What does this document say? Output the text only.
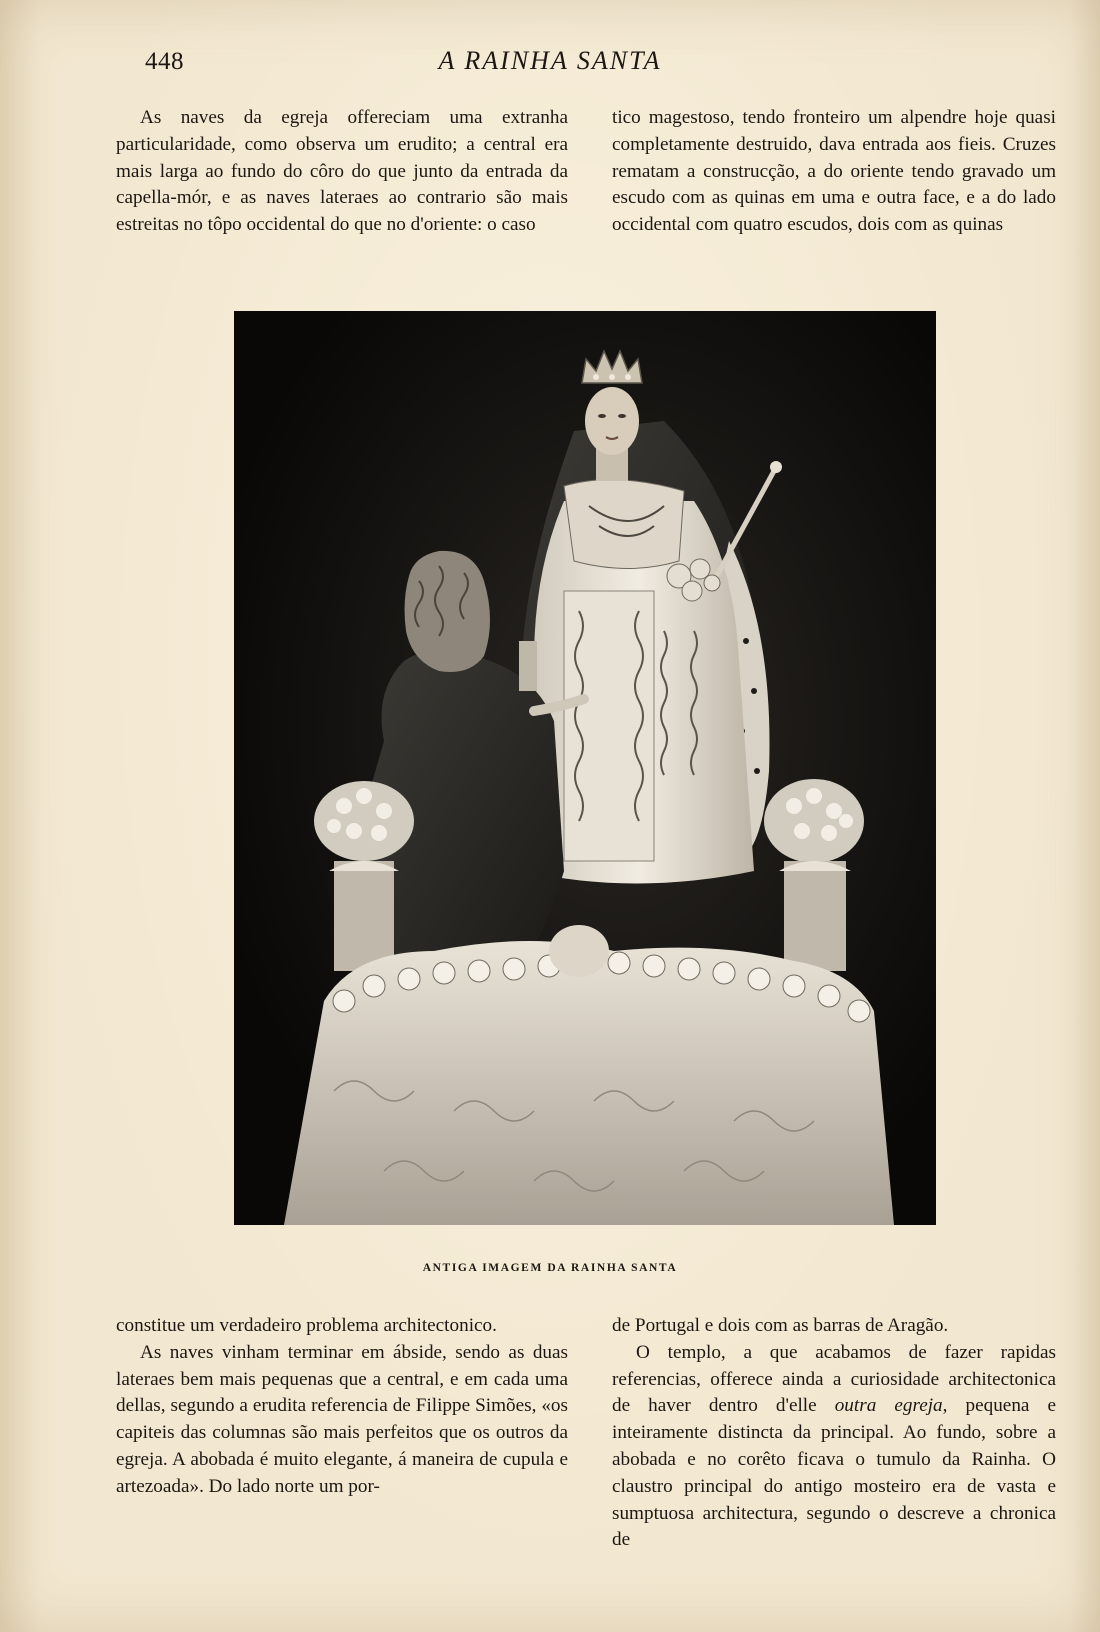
448	A RAINHA SANTA

As naves da egreja offereciam uma extranha particularidade, como observa um erudito; a central era mais larga ao fundo do côro do que junto da entrada da capella-mór, e as naves lateraes ao contrario são mais estreitas no tôpo occidental do que no d'oriente: o caso

tico magestoso, tendo fronteiro um alpendre hoje quasi completamente destruido, dava entrada aos fieis. Cruzes rematam a construcção, a do oriente tendo gravado um escudo com as quinas em uma e outra face, e a do lado occidental com quatro escudos, dois com as quinas

ANTIGA IMAGEM DA RAINHA SANTA

constitue um verdadeiro problema architectonico.

As naves vinham terminar em ábside, sendo as duas lateraes bem mais pequenas que a central, e em cada uma dellas, segundo a erudita referencia de Filippe Simões, «os capiteis das columnas são mais perfeitos que os outros da egreja. A abobada é muito elegante, á maneira de cupula e artezoada». Do lado norte um por-

de Portugal e dois com as barras de Aragão.

O templo, a que acabamos de fazer rapidas referencias, offerece ainda a curiosidade architectonica de haver dentro d'elle outra egreja, pequena e inteiramente distincta da principal. Ao fundo, sobre a abobada e no corêto ficava o tumulo da Rainha. O claustro principal do antigo mosteiro era de vasta e sumptuosa architectura, segundo o descreve a chronica de
